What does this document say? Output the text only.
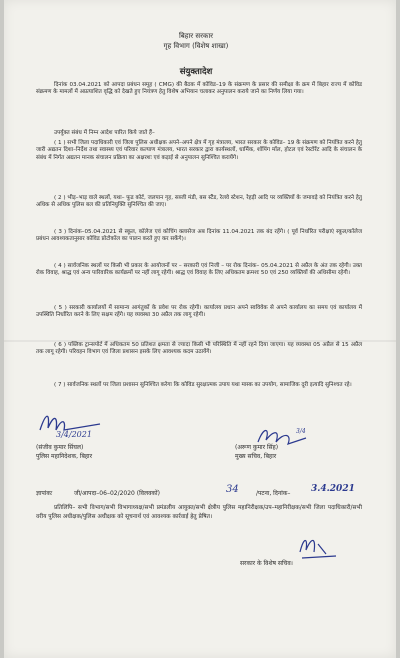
बिहार सरकार
गृह विभाग (विशेष शाखा)
संयुक्तादेश
दिनांक 03.04.2021 को आपदा प्रबंधन समूह ( CMG) की बैठक में कोविड–19 के संक्रमण के प्रसार की समीक्षा के क्रम में बिहार राज्य में कोविड संक्रमण के मामलों में अप्रत्याशित वृद्धि को देखते हुए नियंत्रण हेतु विशेष अभियान चलाकर अनुपालन कराये जाने का निर्णय लिया गया।
उपर्युक्त संबंध में निम्न आदेश पारित किये जाते हैं–
( 1 ) सभी जिला पदाधिकारी एवं जिला पुलिस अधीक्षक अपने–अपने क्षेत्र में गृह मंत्रालय, भारत सरकार के कोविड– 19 के संक्रमण को नियंत्रित करने हेतु जारी अद्यतन दिशा–निर्देश तथा स्वास्थ्य एवं परिवार कल्याण मंत्रालय, भारत सरकार द्वारा कार्यस्थलों, धार्मिक, शॉपिंग मॉल, होटल एवं रेस्टोरेंट आदि के संचालन के संबंध में निर्गत अद्यतन मानक संचालन प्रक्रिया का अक्षरशः एवं कड़ाई से अनुपालन सुनिश्चित करायेंगे।
( 2 ) भीड़–भाड़ वाले स्थलों, यथा– फूड कोर्ट, जलपान गृह, सब्जी मंडी, बस स्टैंड, रेलवे स्टेशन, रेहड़ी आदि पर व्यक्तियों के जमावड़े को नियंत्रित करने हेतु अधिक से अधिक पुलिस बल की प्रतिनियुक्ति सुनिश्चित की जाए।
( 3 ) दिनांक–05.04.2021 से स्कूल, कॉलेज एवं कोचिंग क्लासेज अब दिनांक 11.04.2021 तक बंद रहेंगे। ( पूर्व निर्धारित परीक्षाएं स्कूल/कॉलेज प्रबंधन आवश्यकतानुसार कोविड प्रोटोकॉल का पालन करते हुए कर सकेंगे)।
( 4 ) सार्वजनिक स्थलों पर किसी भी प्रकार के आयोजनों पर – सरकारी एवं निजी – पर रोक दिनांक– 05.04.2021 से अप्रैल के अंत तक रहेगी। उक्त रोक विवाह, श्राद्ध एवं अन्य पारिवारिक कार्यक्रमों पर नहीं लागू रहेगी। श्राद्ध एवं विवाह के लिए अधिकतम क्रमशः 50 एवं 250 व्यक्तियों की अधिसीमा रहेगी।
( 5 ) सरकारी कार्यालयों में सामान्य आगंतुकों के प्रवेश पर रोक रहेगी। कार्यालय प्रधान अपने स्वविवेक से अपने कार्यालय का समय एवं कार्यालय में उपस्थिति निर्धारित करने के लिए सक्षम रहेंगे। यह व्यवस्था 30 अप्रैल तक लागू रहेगी।
( 6 ) पब्लिक ट्रान्सपोर्ट में अधिकतम 50 प्रतिशत क्षमता से ज्यादा किसी भी परिस्थिति में नहीं रहने दिया जाएगा। यह व्यवस्था 05 अप्रैल से 15 अप्रैल तक लागू रहेगी। परिवहन विभाग एवं जिला प्रशासन इसके लिए आवश्यक कदम उठायेंगे।
( 7 ) सार्वजनिक स्थलों पर जिला प्रशासन सुनिश्चित करेगा कि कोविड सुरक्षात्मक उपाय यथा मास्क का उपयोग, सामाजिक दूरी इत्यादि सुनिश्चत रहे।
3/4/2021
(संजीव कुमार सिंघल)
पुलिस महानिदेशक, बिहार
3/4
(अरूण कुमार सिंह)
मुख्य सचिव, बिहार
ज्ञापांकः	जी/आपदा–06–02/2020 (विलवकों)	34	/पटना, दिनांक– 3.4.2021
प्रतिलिपि– सभी विभाग/सभी विभागाध्यक्ष/सभी प्रमंडलीय आयुक्त/सभी क्षेत्रीय पुलिस महानिरीक्षक/उप–महानिरीक्षक/सभी जिला पदाधिकारी/सभी वरीय पुलिस अधीक्षक/पुलिस अधीक्षक को सूचनार्थ एवं आवश्यक कार्रवाई हेतु प्रेषित।
सरकार के विशेष सचिव।
